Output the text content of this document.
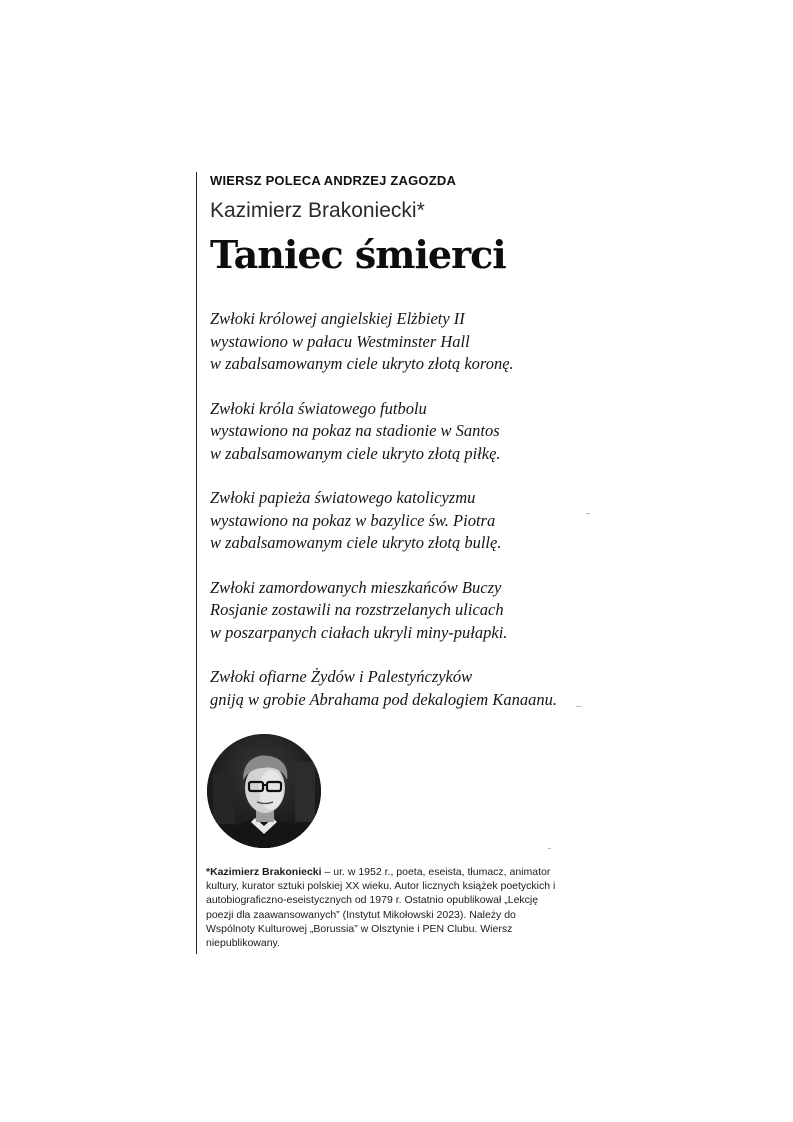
WIERSZ POLECA ANDRZEJ ZAGOZDA

Kazimierz Brakoniecki*

Taniec śmierci
Zwłoki królowej angielskiej Elżbiety II
wystawiono w pałacu Westminster Hall
w zabalsamowanym ciele ukryto złotą koronę.
Zwłoki króla światowego futbolu
wystawiono na pokaz na stadionie w Santos
w zabalsamowanym ciele ukryto złotą piłkę.
Zwłoki papieża światowego katolicyzmu
wystawiono na pokaz w bazylice św. Piotra
w zabalsamowanym ciele ukryto złotą bullę.
Zwłoki zamordowanych mieszkańców Buczy
Rosjanie zostawili na rozstrzelanych ulicach
w poszarpanych ciałach ukryli miny-pułapki.
Zwłoki ofiarne Żydów i Palestyńczyków
gniją w grobie Abrahama pod dekalogiem Kanaanu.

*Kazimierz Brakoniecki – ur. w 1952 r., poeta, eseista, tłumacz, animator kultury, kurator sztuki polskiej XX wieku. Autor licznych książek poetyckich i autobiograficzno-eseistycznych od 1979 r. Ostatnio opublikował „Lekcję poezji dla zaawansowanych” (Instytut Mikołowski 2023). Należy do Wspólnoty Kulturowej „Borussia” w Olsztynie i PEN Clubu. Wiersz niepublikowany.
